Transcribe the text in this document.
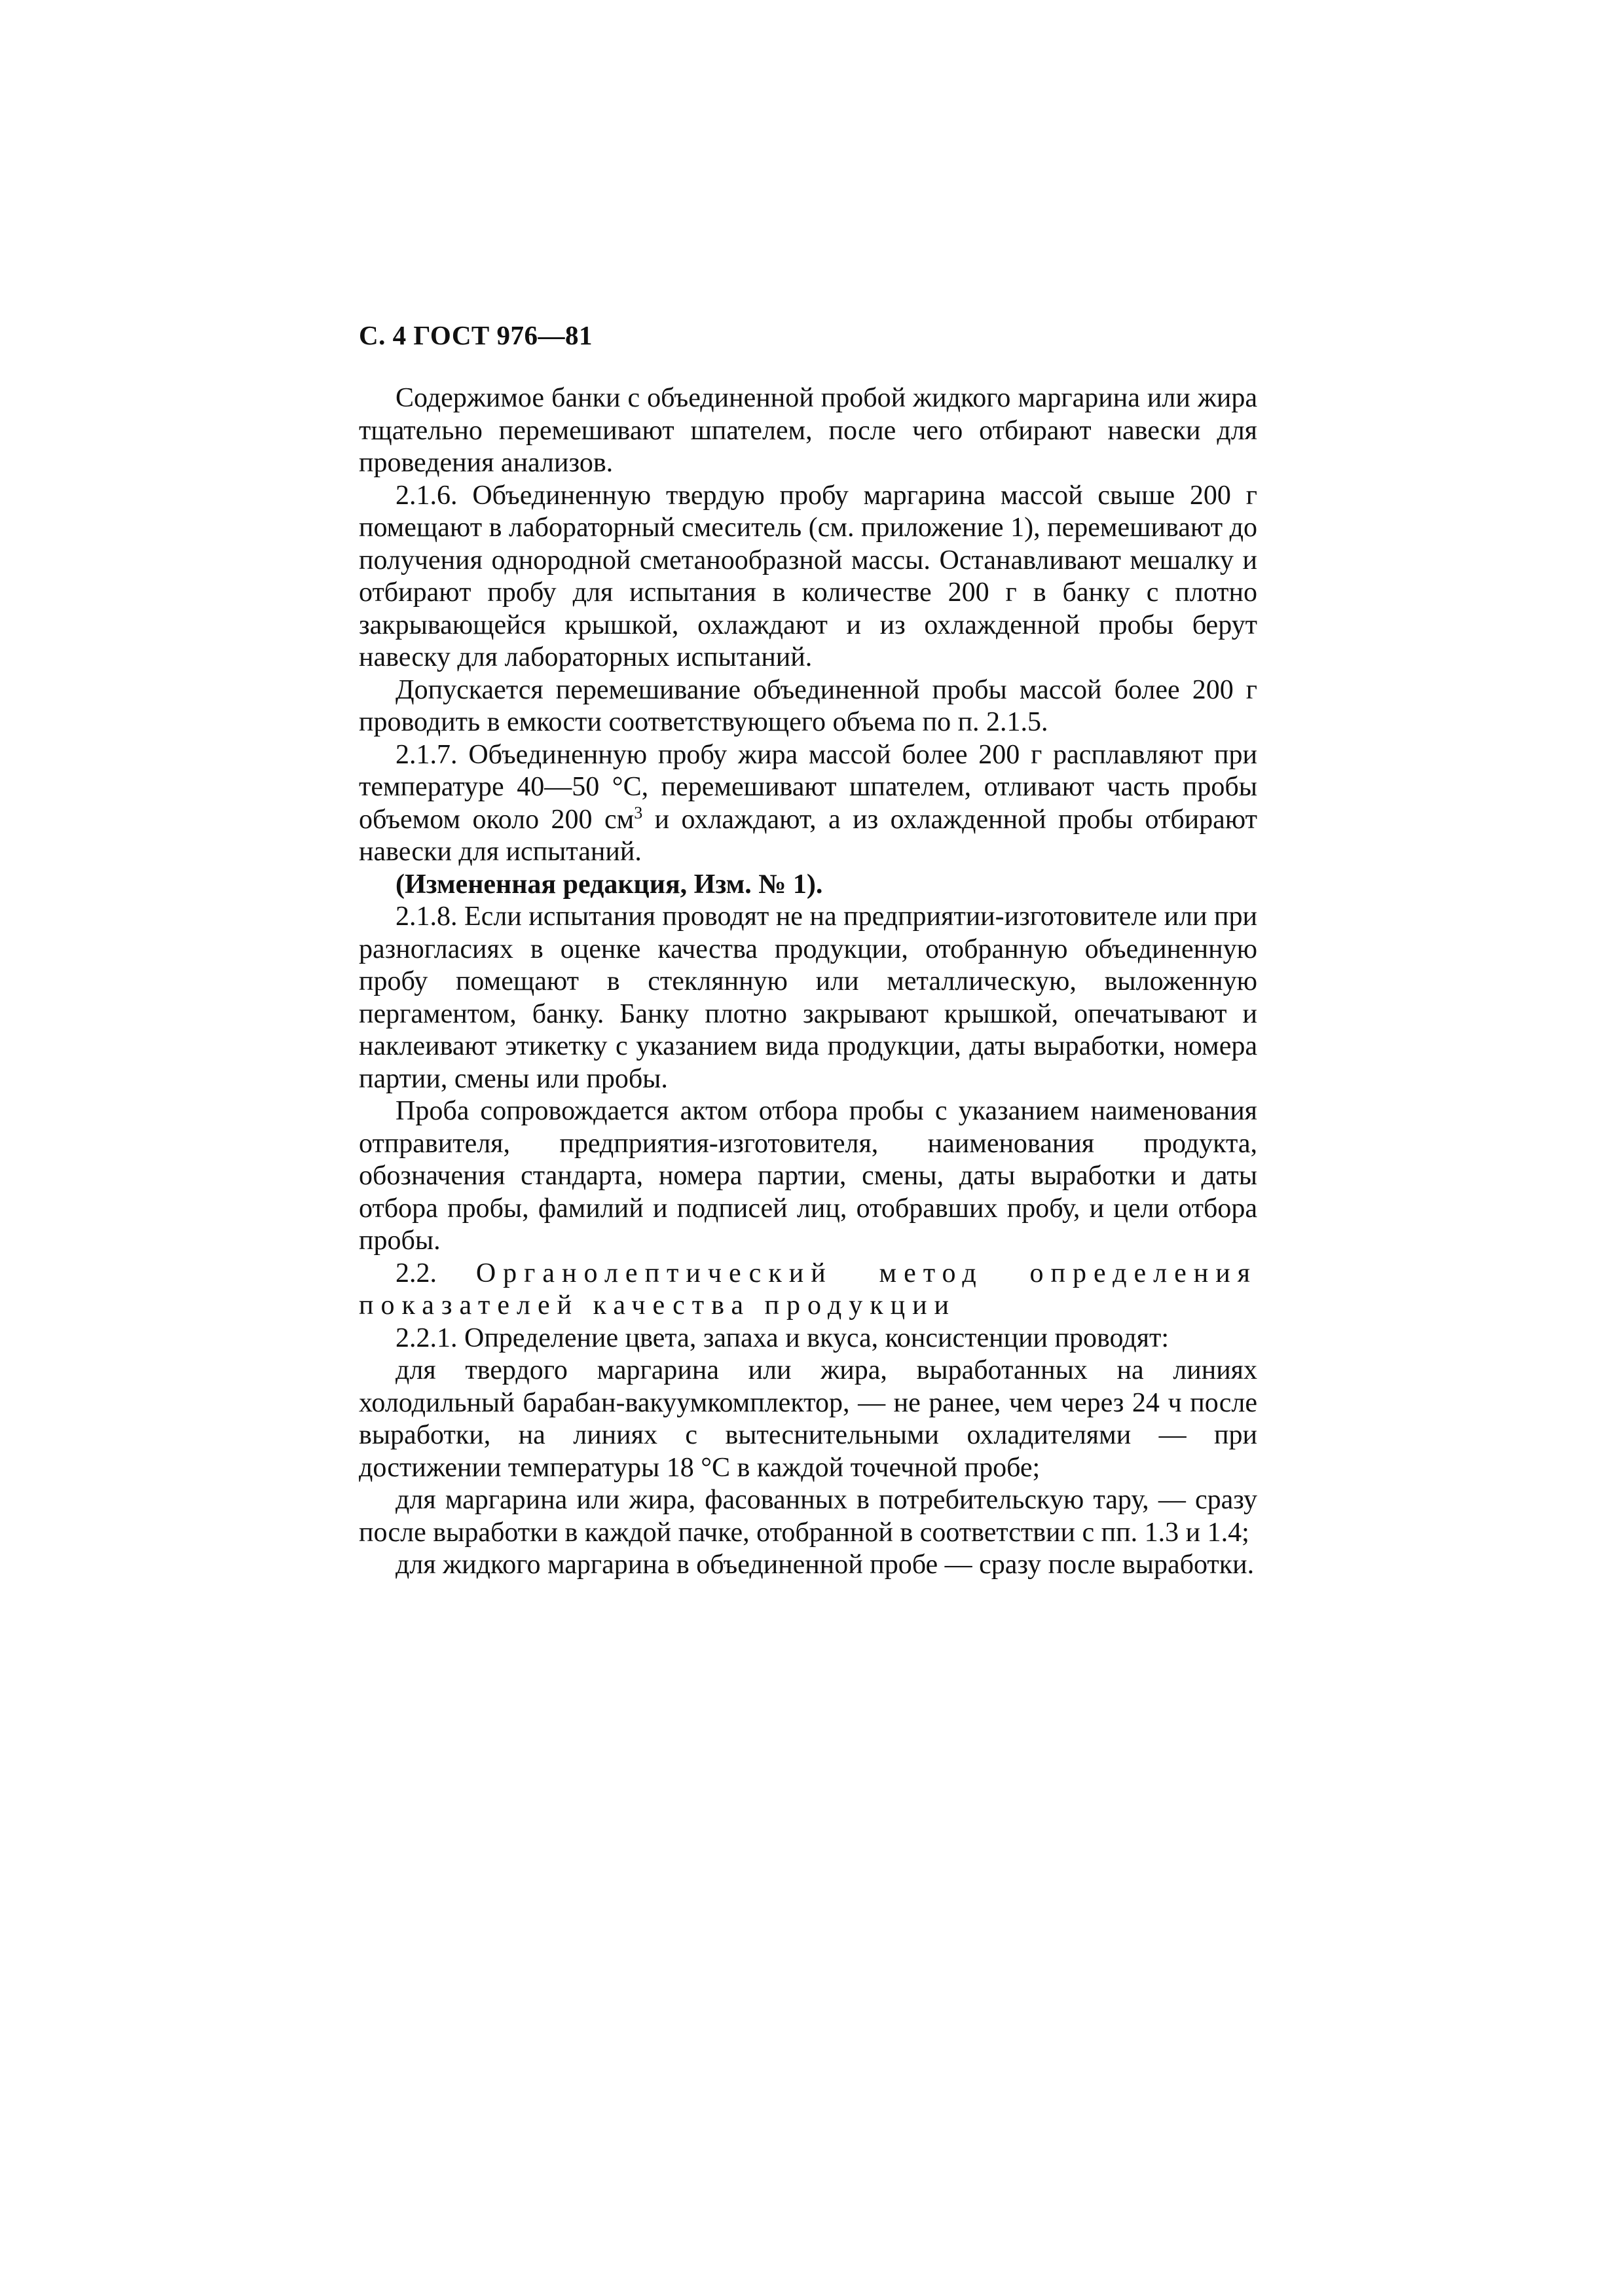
С. 4 ГОСТ 976—81

Содержимое банки с объединенной пробой жидкого маргарина или жира тщательно перемешивают шпателем, после чего отбирают навески для проведения анализов.

2.1.6. Объединенную твердую пробу маргарина массой свыше 200 г помещают в лабораторный смеситель (см. приложение 1), перемешивают до получения однородной сметанообразной массы. Останавливают мешалку и отбирают пробу для испытания в количестве 200 г в банку с плотно закрывающейся крышкой, охлаждают и из охлажденной пробы берут навеску для лабораторных испытаний.

Допускается перемешивание объединенной пробы массой более 200 г проводить в емкости соответствующего объема по п. 2.1.5.

2.1.7. Объединенную пробу жира массой более 200 г расплавляют при температуре 40—50 °С, перемешивают шпателем, отливают часть пробы объемом около 200 $см^3$ и охлаждают, а из охлажденной пробы отбирают навески для испытаний.

(Измененная редакция, Изм. № 1).

2.1.8. Если испытания проводят не на предприятии-изготовителе или при разногласиях в оценке качества продукции, отобранную объединенную пробу помещают в стеклянную или металлическую, выложенную пергаментом, банку. Банку плотно закрывают крышкой, опечатывают и наклеивают этикетку с указанием вида продукции, даты выработки, номера партии, смены или пробы.

Проба сопровождается актом отбора пробы с указанием наименования отправителя, предприятия-изготовителя, наименования продукта, обозначения стандарта, номера партии, смены, даты выработки и даты отбора пробы, фамилий и подписей лиц, отобравших пробу, и цели отбора пробы.

2.2. Органолептический метод определения показателей качества продукции

2.2.1. Определение цвета, запаха и вкуса, консистенции проводят:

для твердого маргарина или жира, выработанных на линиях холодильный барабан-вакуумкомплектор, — не ранее, чем через 24 ч после выработки, на линиях с вытеснительными охладителями — при достижении температуры 18 °С в каждой точечной пробе;

для маргарина или жира, фасованных в потребительскую тару, — сразу после выработки в каждой пачке, отобранной в соответствии с пп. 1.3 и 1.4;

для жидкого маргарина в объединенной пробе — сразу после выработки.
